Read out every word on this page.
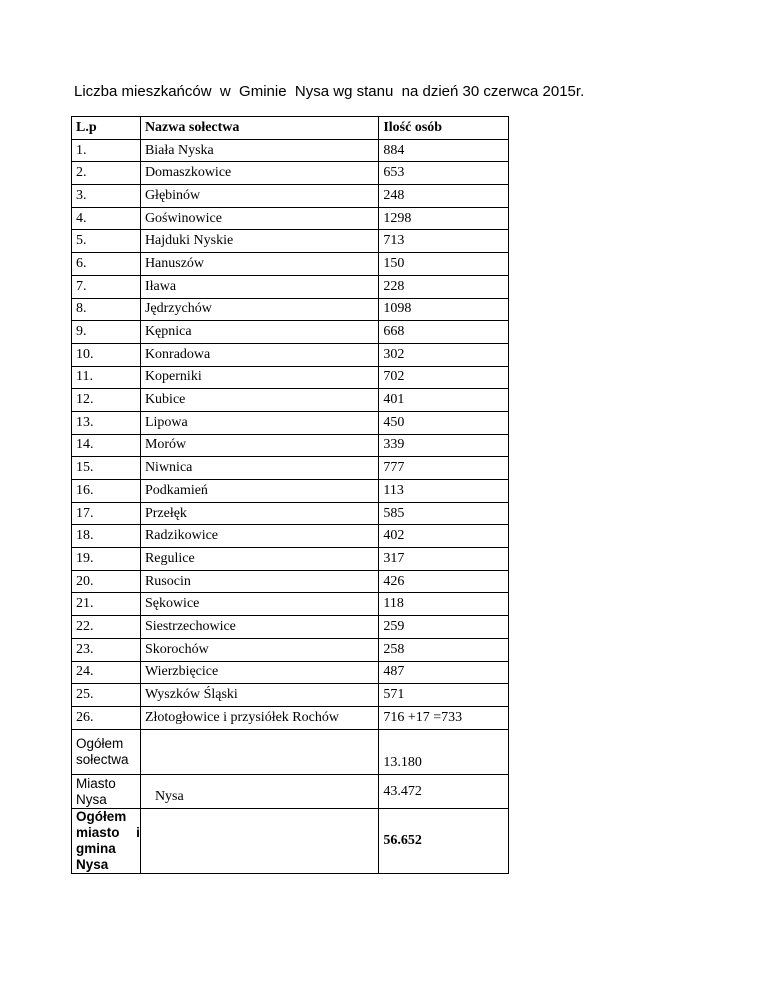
Liczba mieszkańców  w  Gminie  Nysa wg stanu  na dzień 30 czerwca 2015r.
L.p	Nazwa sołectwa	Ilość osób
1.	Biała Nyska	884
2.	Domaszkowice	653
3.	Głębinów	248
4.	Goświnowice	1298
5.	Hajduki Nyskie	713
6.	Hanuszów	150
7.	Iława	228
8.	Jędrzychów	1098
9.	Kępnica	668
10.	Konradowa	302
11.	Koperniki	702
12.	Kubice	401
13.	Lipowa	450
14.	Morów	339
15.	Niwnica	777
16.	Podkamień	113
17.	Przełęk	585
18.	Radzikowice	402
19.	Regulice	317
20.	Rusocin	426
21.	Sękowice	118
22.	Siestrzechowice	259
23.	Skorochów	258
24.	Wierzbięcice	487
25.	Wyszków Śląski	571
26.	Złotogłowice i przysiółek Rochów	716 +17 =733
Ogółem sołectwa		13.180
Miasto Nysa	Nysa	43.472
Ogółem miasto i gmina Nysa		56.652
